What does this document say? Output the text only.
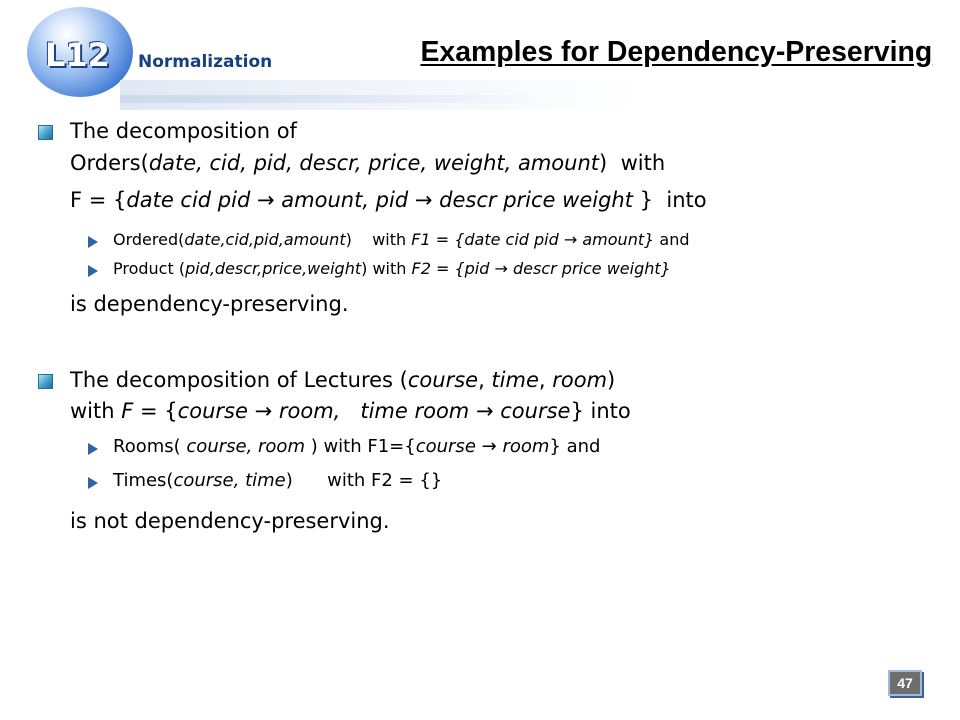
L12 Normalization	Examples for Dependency-Preserving
The decomposition of
Orders(date, cid, pid, descr, price, weight, amount) with
F = {date cid pid → amount, pid → descr price weight } into
Ordered(date,cid,pid,amount) with F1 = {date cid pid → amount} and
Product (pid,descr,price,weight) with F2 = {pid → descr price weight}
is dependency-preserving.
The decomposition of Lectures (course, time, room)
with F = {course → room, time room → course} into
Rooms( course, room ) with F1={course → room} and
Times(course, time) with F2 = {}
is not dependency-preserving.
47
